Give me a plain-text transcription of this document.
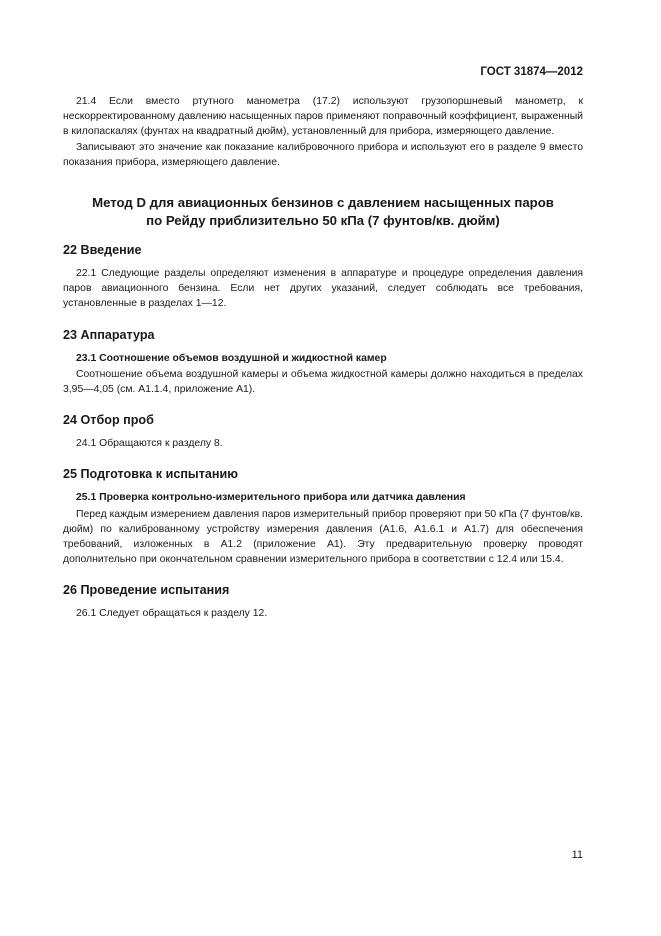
ГОСТ 31874—2012

21.4 Если вместо ртутного манометра (17.2) используют грузопоршневый манометр, к нескорректированному давлению насыщенных паров применяют поправочный коэффициент, выраженный в килопаскалях (фунтах на квадратный дюйм), установленный для прибора, измеряющего давление.

Записывают это значение как показание калибровочного прибора и используют его в разделе 9 вместо показания прибора, измеряющего давление.

Метод D для авиационных бензинов с давлением насыщенных паров
по Рейду приблизительно 50 кПа (7 фунтов/кв. дюйм)
22 Введение

22.1 Следующие разделы определяют изменения в аппаратуре и процедуре определения давления паров авиационного бензина. Если нет других указаний, следует соблюдать все требования, установленные в разделах 1—12.

23 Аппаратура
23.1 Соотношение объемов воздушной и жидкостной камер

Соотношение объема воздушной камеры и объема жидкостной камеры должно находиться в пределах 3,95—4,05 (см. А1.1.4, приложение А1).

24 Отбор проб

24.1 Обращаются к разделу 8.

25 Подготовка к испытанию
25.1 Проверка контрольно-измерительного прибора или датчика давления

Перед каждым измерением давления паров измерительный прибор проверяют при 50 кПа (7 фунтов/кв. дюйм) по калиброванному устройству измерения давления (А1.6, А1.6.1 и А1.7) для обеспечения требований, изложенных в А1.2 (приложение А1). Эту предварительную проверку проводят дополнительно при окончательном сравнении измерительного прибора в соответствии с 12.4 или 15.4.

26 Проведение испытания

26.1 Следует обращаться к разделу 12.

11
